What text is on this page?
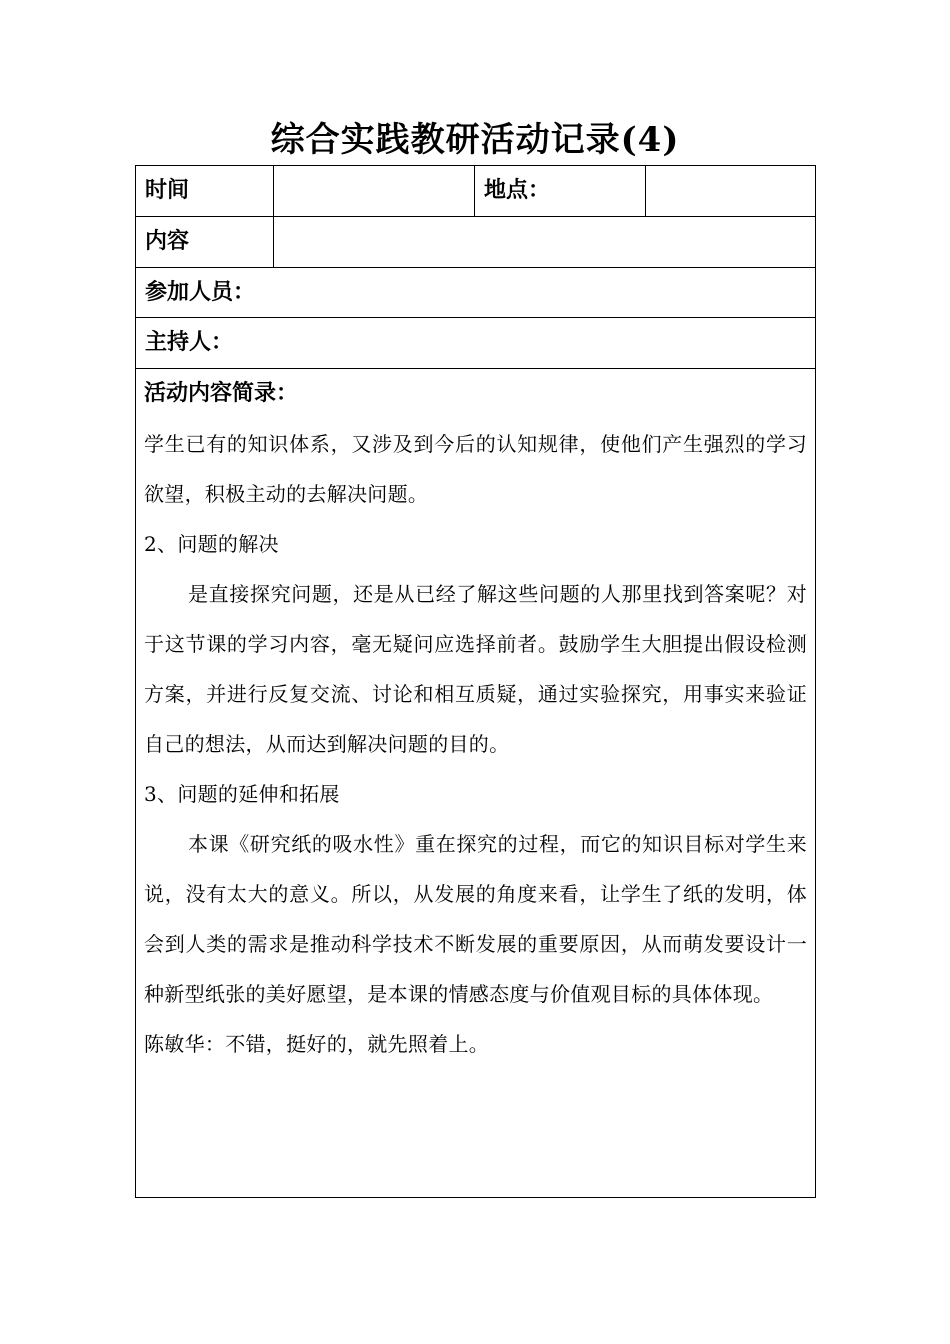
综合实践教研活动记录(4)
时间	地点：
内容
参加人员：
主持人：

活动内容简录：

学生已有的知识体系，又涉及到今后的认知规律，使他们产生强烈的学习欲望，积极主动的去解决问题。

2、问题的解决

是直接探究问题，还是从已经了解这些问题的人那里找到答案呢？对于这节课的学习内容，毫无疑问应选择前者。鼓励学生大胆提出假设检测方案，并进行反复交流、讨论和相互质疑，通过实验探究，用事实来验证自己的想法，从而达到解决问题的目的。

3、问题的延伸和拓展

本课《研究纸的吸水性》重在探究的过程，而它的知识目标对学生来说，没有太大的意义。所以，从发展的角度来看，让学生了纸的发明，体会到人类的需求是推动科学技术不断发展的重要原因，从而萌发要设计一种新型纸张的美好愿望，是本课的情感态度与价值观目标的具体体现。

陈敏华：不错，挺好的，就先照着上。
